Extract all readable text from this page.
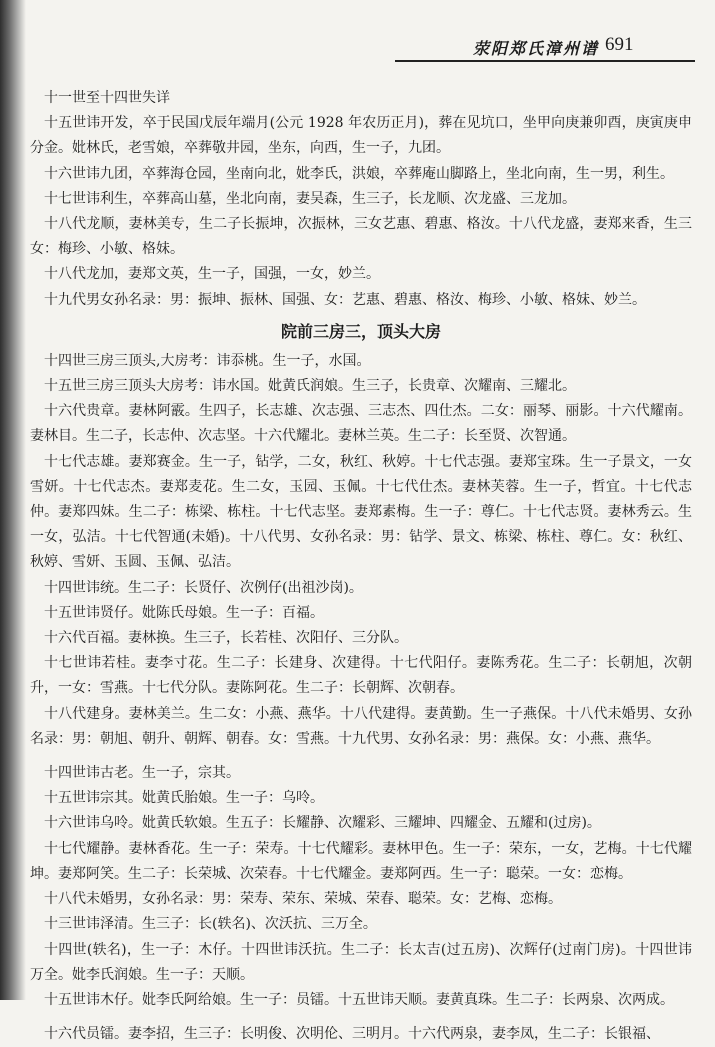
荥阳郑氏漳州谱 691

十一世至十四世失详

十五世讳开发，卒于民国戊辰年端月(公元 1928 年农历正月)，葬在见坑口，坐甲向庚兼卯酉，庚寅庚申分金。妣林氏，老雪娘，卒葬敬井园，坐东，向西，生一子，九团。

十六世讳九团，卒葬海仓园，坐南向北，妣李氏，洪娘，卒葬庵山脚路上，坐北向南，生一男，利生。

十七世讳利生，卒葬高山墓，坐北向南，妻吴森，生三子，长龙顺、次龙盛、三龙加。

十八代龙顺，妻林美专，生二子长振坤，次振林，三女艺惠、碧惠、格汝。十八代龙盛，妻郑来香，生三女：梅珍、小敏、格妹。

十八代龙加，妻郑文英，生一子，国强，一女，妙兰。

十九代男女孙名录：男：振坤、振林、国强、女：艺惠、碧惠、格汝、梅珍、小敏、格妹、妙兰。

院前三房三，顶头大房

十四世三房三顶头,大房考：讳忝桃。生一子，水国。

十五世三房三顶头大房考：讳水国。妣黄氏润娘。生三子，长贵章、次耀南、三耀北。

十六代贵章。妻林阿霰。生四子，长志雄、次志强、三志杰、四仕杰。二女：丽琴、丽影。十六代耀南。妻林目。生二子，长志仲、次志坚。十六代耀北。妻林兰英。生二子：长至贤、次智通。

十七代志雄。妻郑赛金。生一子，钻学，二女，秋红、秋婷。十七代志强。妻郑宝珠。生一子景文，一女雪妍。十七代志杰。妻郑麦花。生二女，玉园、玉佩。十七代仕杰。妻林芙蓉。生一子，哲宜。十七代志仲。妻郑四妹。生二子：栋梁、栋柱。十七代志坚。妻郑素梅。生一子：尊仁。十七代志贤。妻林秀云。生一女，弘洁。十七代智通(未婚)。十八代男、女孙名录：男：钻学、景文、栋梁、栋柱、尊仁。女：秋红、秋婷、雪妍、玉圆、玉佩、弘洁。

十四世讳统。生二子：长贤仔、次例仔(出祖沙岗)。

十五世讳贤仔。妣陈氏母娘。生一子：百福。

十六代百福。妻林换。生三子，长若桂、次阳仔、三分队。

十七世讳若桂。妻李寸花。生二子：长建身、次建得。十七代阳仔。妻陈秀花。生二子：长朝旭，次朝升，一女：雪燕。十七代分队。妻陈阿花。生二子：长朝辉、次朝春。

十八代建身。妻林美兰。生二女：小燕、燕华。十八代建得。妻黄勤。生一子燕保。十八代未婚男、女孙名录：男：朝旭、朝升、朝辉、朝春。女：雪燕。十九代男、女孙名录：男：燕保。女：小燕、燕华。

十四世讳古老。生一子，宗其。

十五世讳宗其。妣黄氏胎娘。生一子：乌呤。

十六世讳乌呤。妣黄氏软娘。生五子：长耀静、次耀彩、三耀坤、四耀金、五耀和(过房)。

十七代耀静。妻林香花。生一子：荣寿。十七代耀彩。妻林甲色。生一子：荣东，一女，艺梅。十七代耀坤。妻郑阿笑。生二子：长荣城、次荣春。十七代耀金。妻郑阿西。生一子：聪荣。一女：恋梅。

十八代未婚男，女孙名录：男：荣寿、荣东、荣城、荣春、聪荣。女：艺梅、恋梅。

十三世讳泽清。生三子：长(轶名)、次沃抗、三万全。

十四世(轶名)，生一子：木仔。十四世讳沃抗。生二子：长太吉(过五房)、次辉仔(过南门房)。十四世讳万全。妣李氏润娘。生一子：天顺。

十五世讳木仔。妣李氏阿给娘。生一子：员镭。十五世讳天顺。妻黄真珠。生二子：长两泉、次两成。

十六代员镭。妻李招，生三子：长明俊、次明伦、三明月。十六代两泉，妻李凤，生二子：长银福、
